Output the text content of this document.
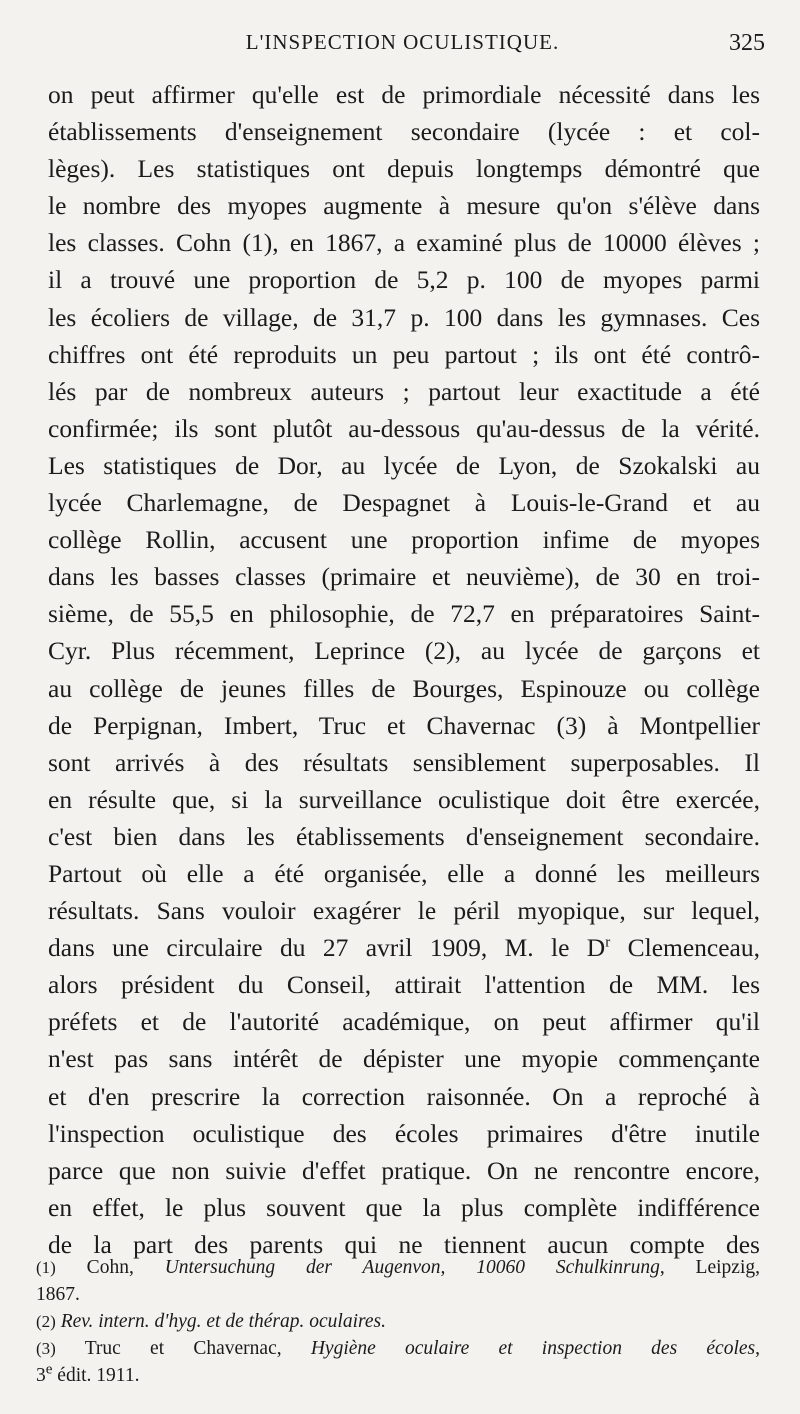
L'INSPECTION OCULISTIQUE.	325
on peut affirmer qu'elle est de primordiale nécessité dans les
établissements d'enseignement secondaire (lycée : et col-
lèges). Les statistiques ont depuis longtemps démontré que
le nombre des myopes augmente à mesure qu'on s'élève dans
les classes. Cohn (1), en 1867, a examiné plus de 10000 élèves ;
il a trouvé une proportion de 5,2 p. 100 de myopes parmi
les écoliers de village, de 31,7 p. 100 dans les gymnases. Ces
chiffres ont été reproduits un peu partout ; ils ont été contrô-
lés par de nombreux auteurs ; partout leur exactitude a été
confirmée; ils sont plutôt au-dessous qu'au-dessus de la vérité.
Les statistiques de Dor, au lycée de Lyon, de Szokalski au
lycée Charlemagne, de Despagnet à Louis-le-Grand et au
collège Rollin, accusent une proportion infime de myopes
dans les basses classes (primaire et neuvième), de 30 en troi-
sième, de 55,5 en philosophie, de 72,7 en préparatoires Saint-
Cyr. Plus récemment, Leprince (2), au lycée de garçons et
au collège de jeunes filles de Bourges, Espinouze ou collège
de Perpignan, Imbert, Truc et Chavernac (3) à Montpellier
sont arrivés à des résultats sensiblement superposables. Il
en résulte que, si la surveillance oculistique doit être exercée,
c'est bien dans les établissements d'enseignement secondaire.
Partout où elle a été organisée, elle a donné les meilleurs
résultats. Sans vouloir exagérer le péril myopique, sur lequel,
dans une circulaire du 27 avril 1909, M. le $D^r$ Clemenceau,
alors président du Conseil, attirait l'attention de MM. les
préfets et de l'autorité académique, on peut affirmer qu'il
n'est pas sans intérêt de dépister une myopie commençante
et d'en prescrire la correction raisonnée. On a reproché à
l'inspection oculistique des écoles primaires d'être inutile
parce que non suivie d'effet pratique. On ne rencontre encore,
en effet, le plus souvent que la plus complète indifférence
de la part des parents qui ne tiennent aucun compte des
(1) Cohn, Untersuchung der Augenvon, 10060 Schulkinrung, Leipzig,
1867.
(2) Rev. intern. d'hyg. et de thérap. oculaires.
(3) Truc et Chavernac, Hygiène oculaire et inspection des écoles,
3e édit. 1911.
